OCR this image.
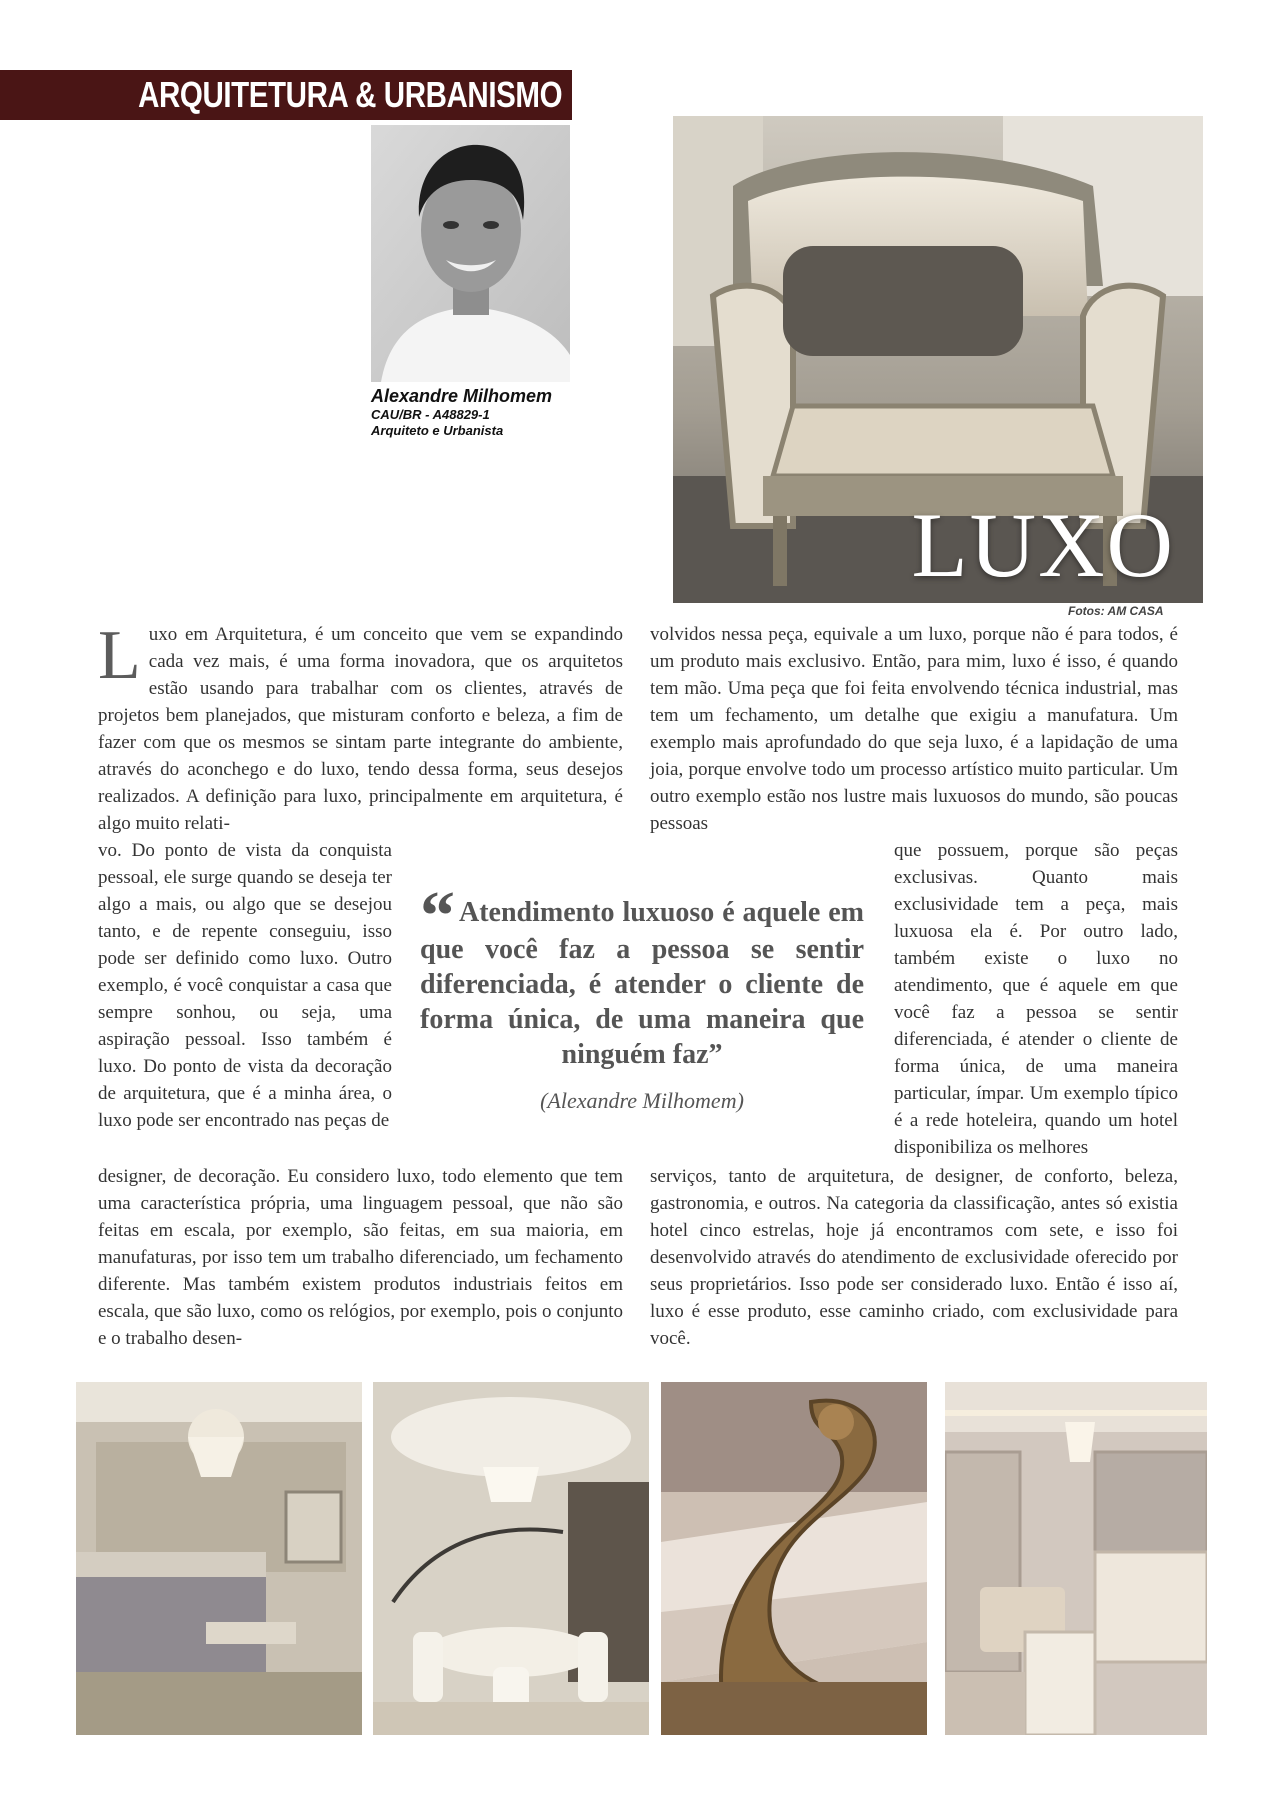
ARQUITETURA & URBANISMO
Alexandre Milhomem
CAU/BR - A48829-1
Arquiteto e Urbanista
LUXO
Fotos: AM CASA
L uxo em Arquitetura, é um conceito que vem se expandindo cada vez mais, é uma forma inovadora, que os arquitetos estão usando para trabalhar com os clientes, através de projetos bem planejados, que misturam conforto e beleza, a fim de fazer com que os mesmos se sintam parte integrante do ambiente, através do aconchego e do luxo, tendo dessa forma, seus desejos realizados. A definição para luxo, principalmente em arquitetura, é algo muito relati-

vo. Do ponto de vista da conquista pessoal, ele surge quando se deseja ter algo a mais, ou algo que se desejou tanto, e de repente conseguiu, isso pode ser definido como luxo. Outro exemplo, é você conquistar a casa que sempre sonhou, ou seja, uma aspiração pessoal. Isso também é luxo. Do ponto de vista da decoração de arquitetura, que é a minha área, o luxo pode ser encontrado nas peças de

designer, de decoração. Eu considero luxo, todo elemento que tem uma característica própria, uma linguagem pessoal, que não são feitas em escala, por exemplo, são feitas, em sua maioria, em manufaturas, por isso tem um trabalho diferenciado, um fechamento diferente. Mas também existem produtos industriais feitos em escala, que são luxo, como os relógios, por exemplo, pois o conjunto e o trabalho desen-

volvidos nessa peça, equivale a um luxo, porque não é para todos, é um produto mais exclusivo. Então, para mim, luxo é isso, é quando tem mão. Uma peça que foi feita envolvendo técnica industrial, mas tem um fechamento, um detalhe que exigiu a manufatura. Um exemplo mais aprofundado do que seja luxo, é a lapidação de uma joia, porque envolve todo um processo artístico muito particular. Um outro exemplo estão nos lustre mais luxuosos do mundo, são poucas pessoas

que possuem, porque são peças exclusivas. Quanto mais exclusividade tem a peça, mais luxuosa ela é. Por outro lado, também existe o luxo no atendimento, que é aquele em que você faz a pessoa se sentir diferenciada, é atender o cliente de forma única, de uma maneira particular, ímpar. Um exemplo típico é a rede hoteleira, quando um hotel disponibiliza os melhores

serviços, tanto de arquitetura, de designer, de conforto, beleza, gastronomia, e outros. Na categoria da classificação, antes só existia hotel cinco estrelas, hoje já encontramos com sete, e isso foi desenvolvido através do atendimento de exclusividade oferecido por seus proprietários. Isso pode ser considerado luxo. Então é isso aí, luxo é esse produto, esse caminho criado, com exclusividade para você.

“ Atendimento luxuoso é aquele em que você faz a pessoa se sentir diferenciada, é atender o cliente de forma única, de uma maneira que ninguém faz”
(Alexandre Milhomem)
